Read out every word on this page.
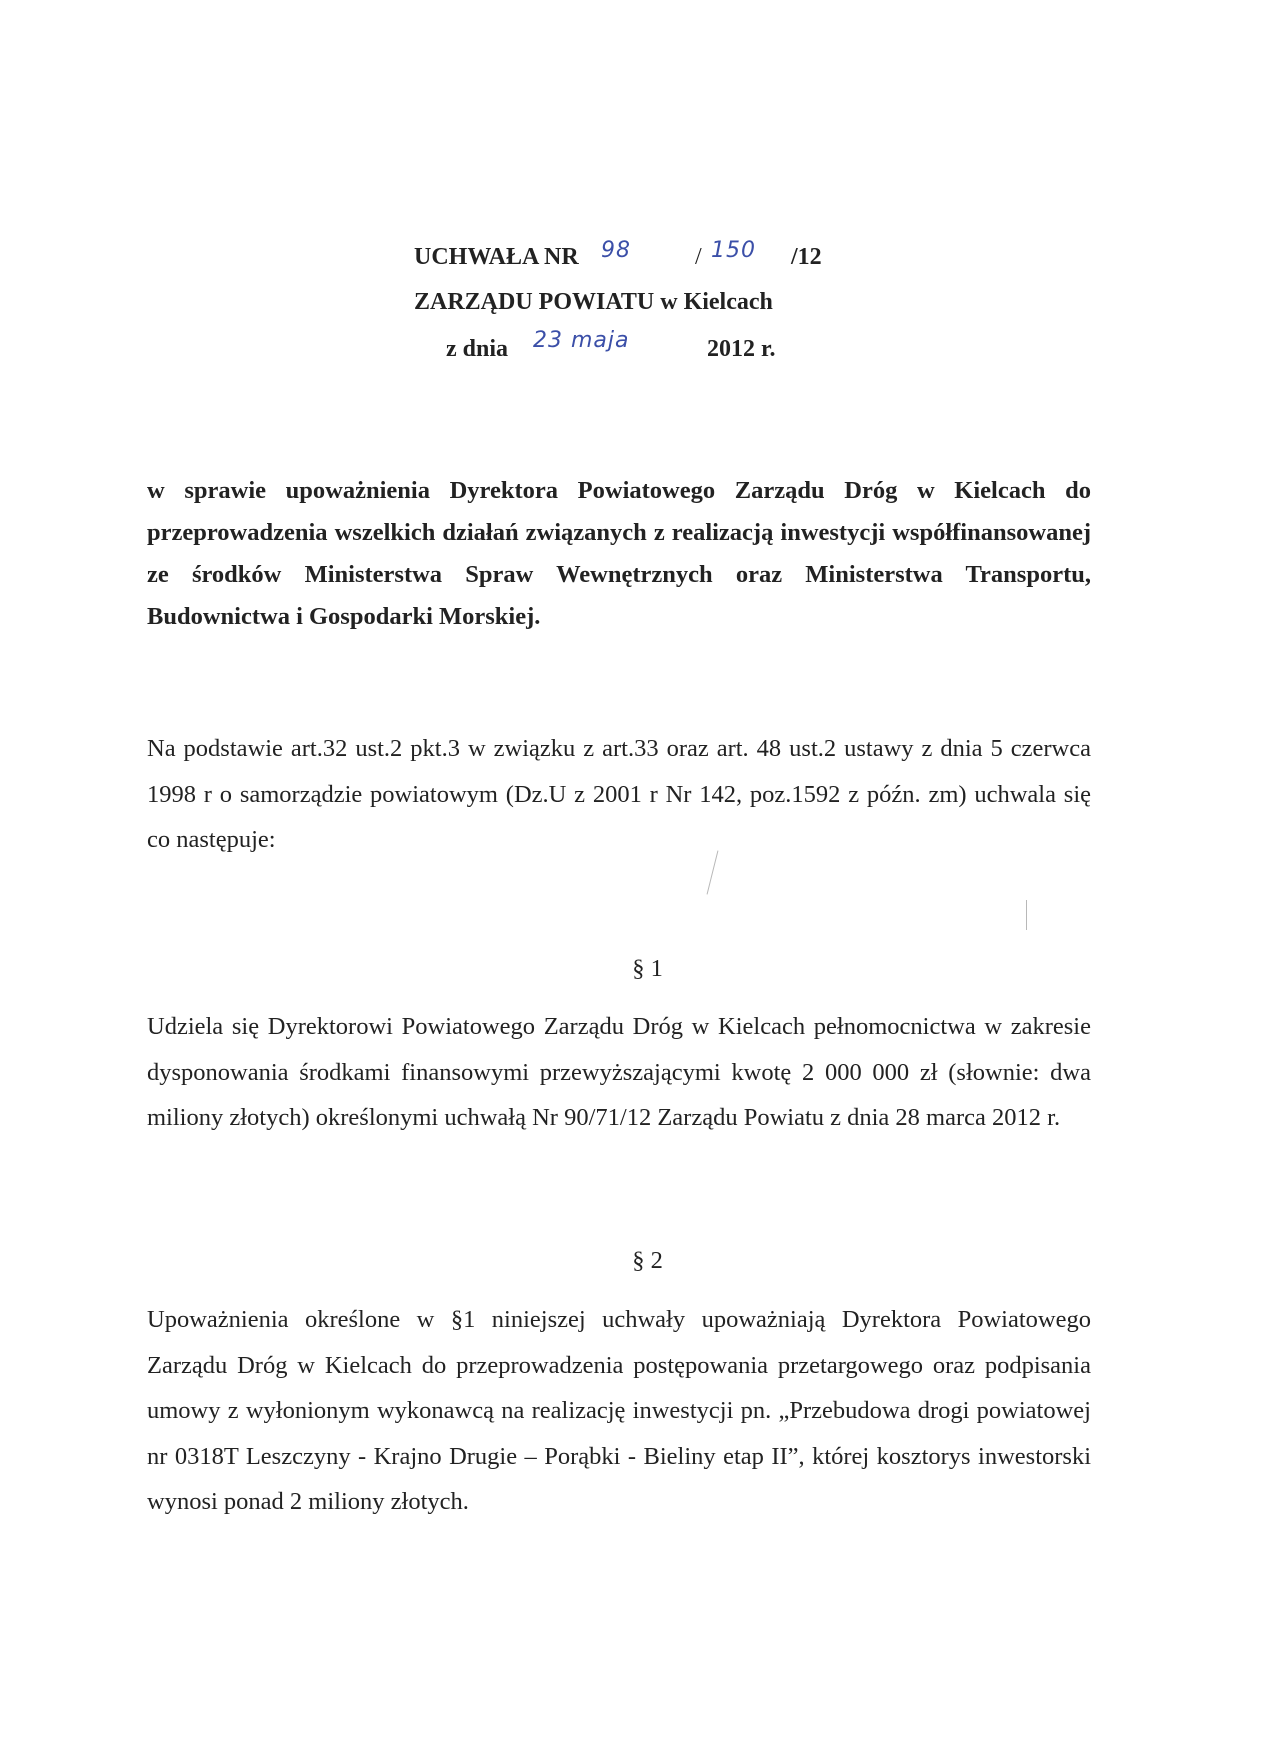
UCHWAŁA NR 98	/ 150 /12
ZARZĄDU POWIATU w Kielcach
z dnia 23 maja	2012 r.

w sprawie upoważnienia Dyrektora Powiatowego Zarządu Dróg w Kielcach do przeprowadzenia wszelkich działań związanych z realizacją inwestycji współfinansowanej ze środków Ministerstwa Spraw Wewnętrznych oraz Ministerstwa Transportu, Budownictwa i Gospodarki Morskiej.

Na podstawie art.32 ust.2 pkt.3 w związku z art.33 oraz art. 48 ust.2 ustawy z dnia 5 czerwca 1998 r o samorządzie powiatowym (Dz.U z 2001 r Nr 142, poz.1592 z późn. zm) uchwala się co następuje:

§ 1

Udziela się Dyrektorowi Powiatowego Zarządu Dróg w Kielcach pełnomocnictwa w zakresie dysponowania środkami finansowymi przewyższającymi kwotę 2 000 000 zł (słownie: dwa miliony złotych) określonymi uchwałą Nr 90/71/12 Zarządu Powiatu z dnia 28 marca 2012 r.

§ 2

Upoważnienia określone w §1 niniejszej uchwały upoważniają Dyrektora Powiatowego Zarządu Dróg w Kielcach do przeprowadzenia postępowania przetargowego oraz podpisania umowy z wyłonionym wykonawcą na realizację inwestycji pn. „Przebudowa drogi powiatowej nr 0318T Leszczyny - Krajno Drugie – Porąbki - Bieliny etap II”, której kosztorys inwestorski wynosi ponad 2 miliony złotych.
